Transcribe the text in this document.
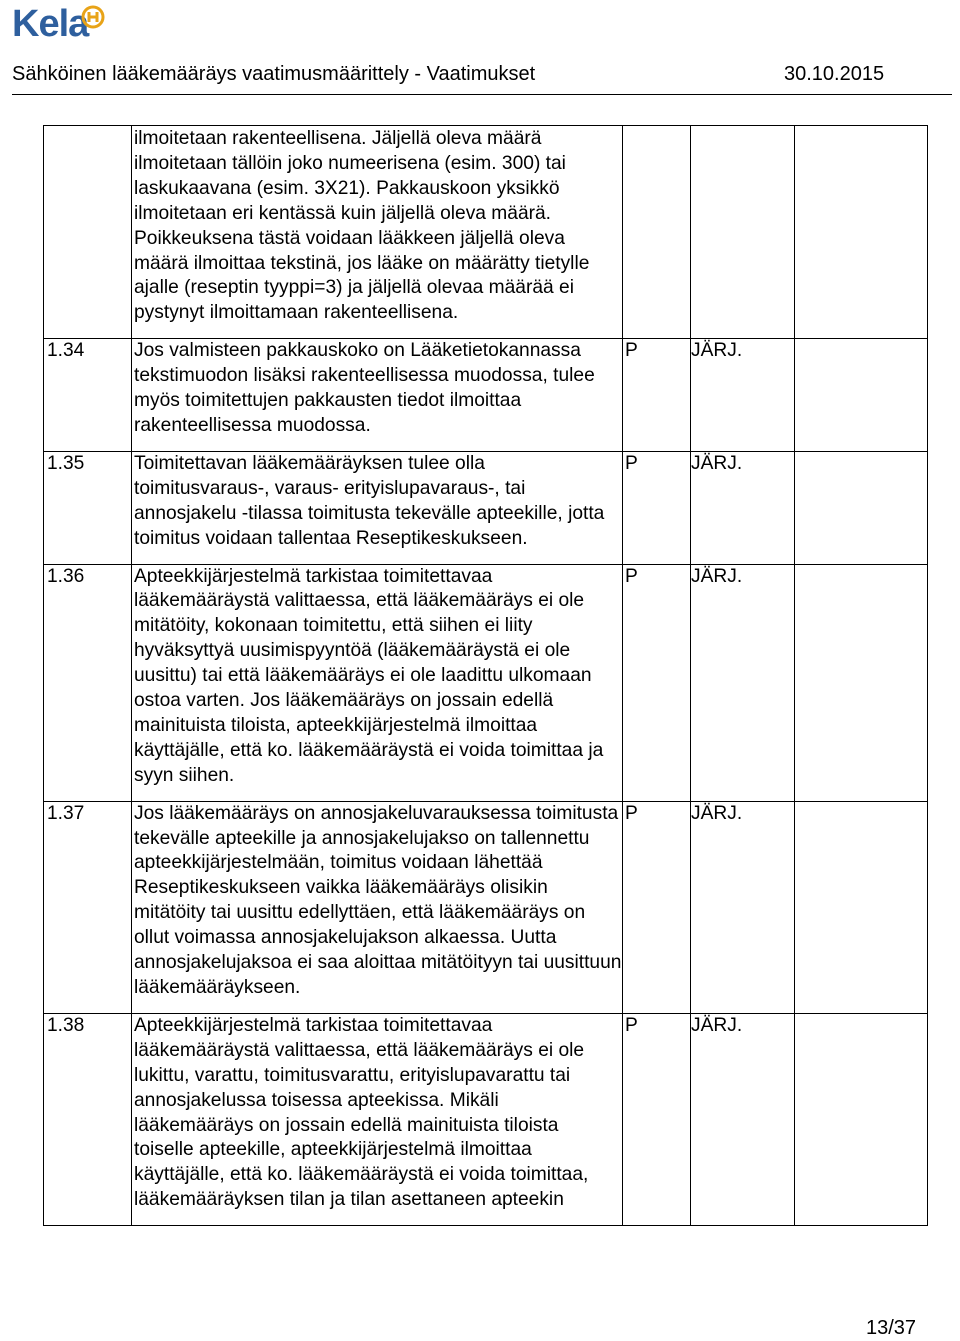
Kela
Sähköinen lääkemääräys vaatimusmäärittely - Vaatimukset	30.10.2015
	ilmoitetaan rakenteellisena. Jäljellä oleva määrä ilmoitetaan tällöin joko numeerisena (esim. 300) tai laskukaavana (esim. 3X21). Pakkauskoon yksikkö ilmoitetaan eri kentässä kuin jäljellä oleva määrä. Poikkeuksena tästä voidaan lääkkeen jäljellä oleva määrä ilmoittaa tekstinä, jos lääke on määrätty tietylle ajalle (reseptin tyyppi=3) ja jäljellä olevaa määrää ei pystynyt ilmoittamaan rakenteellisena.			
1.34	Jos valmisteen pakkauskoko on Lääketietokannassa tekstimuodon lisäksi rakenteellisessa muodossa, tulee myös toimitettujen pakkausten tiedot ilmoittaa rakenteellisessa muodossa.	P	JÄRJ.	
1.35	Toimitettavan lääkemääräyksen tulee olla toimitusvaraus-, varaus- erityislupavaraus-, tai annosjakelu -tilassa toimitusta tekevälle apteekille, jotta toimitus voidaan tallentaa Reseptikeskukseen.	P	JÄRJ.	
1.36	Apteekkijärjestelmä tarkistaa toimitettavaa lääkemääräystä valittaessa, että lääkemääräys ei ole mitätöity, kokonaan toimitettu, että siihen ei liity hyväksyttyä uusimispyyntöä (lääkemääräystä ei ole uusittu) tai että lääkemääräys ei ole laadittu ulkomaan ostoa varten. Jos lääkemääräys on jossain edellä mainituista tiloista, apteekkijärjestelmä ilmoittaa käyttäjälle, että ko. lääkemääräystä ei voida toimittaa ja syyn siihen.	P	JÄRJ.	
1.37	Jos lääkemääräys on annosjakeluvarauksessa toimitusta tekevälle apteekille ja annosjakelujakso on tallennettu apteekkijärjestelmään, toimitus voidaan lähettää Reseptikeskukseen vaikka lääkemääräys olisikin mitätöity tai uusittu edellyttäen, että lääkemääräys on ollut voimassa annosjakelujakson alkaessa. Uutta annosjakelujaksoa ei saa aloittaa mitätöityyn tai uusittuun lääkemääräykseen.	P	JÄRJ.	
1.38	Apteekkijärjestelmä tarkistaa toimitettavaa lääkemääräystä valittaessa, että lääkemääräys ei ole lukittu, varattu, toimitusvarattu, erityislupavarattu tai annosjakelussa toisessa apteekissa. Mikäli lääkemääräys on jossain edellä mainituista tiloista toiselle apteekille, apteekkijärjestelmä ilmoittaa käyttäjälle, että ko. lääkemääräystä ei voida toimittaa, lääkemääräyksen tilan ja tilan asettaneen apteekin	P	JÄRJ.	
13/37
